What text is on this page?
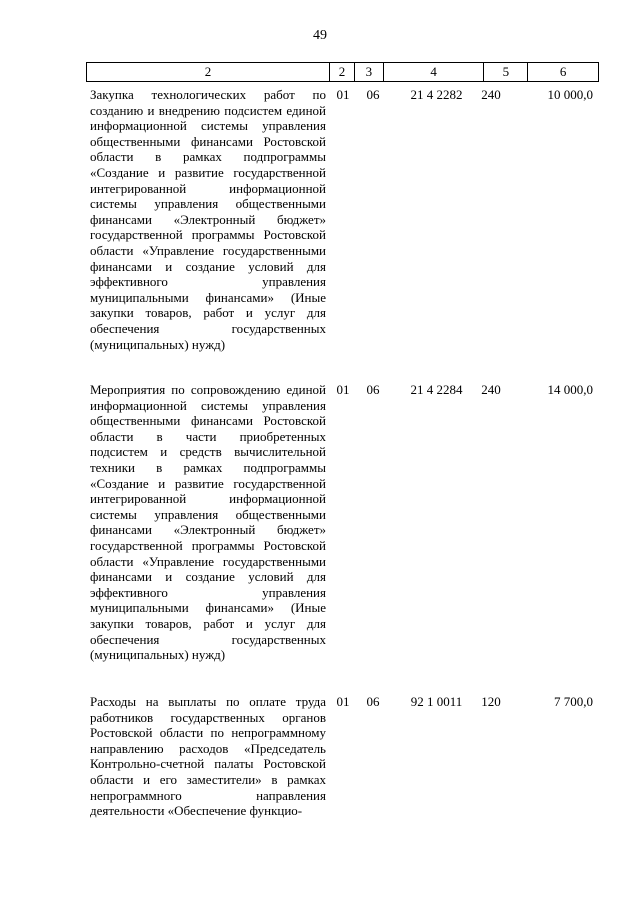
49
2	2	3	4	5	6
Закупка технологических работ по созданию и внедрению подсистем единой информационной системы управления общественными финансами Ростовской области в рамках подпрограммы «Создание и развитие государственной интегрированной информационной системы управления общественными финансами «Электронный бюджет» государственной программы Ростовской области «Управление государственными финансами и создание условий для эффективного управления муниципальными финансами» (Иные закупки товаров, работ и услуг для обеспечения государственных (муниципальных) нужд)
01	06	21 4 2282	240	10 000,0
Мероприятия по сопровождению единой информационной системы управления общественными финансами Ростовской области в части приобретенных подсистем и средств вычислительной техники в рамках подпрограммы «Создание и развитие государственной интегрированной информационной системы управления общественными финансами «Электронный бюджет» государственной программы Ростовской области «Управление государственными финансами и создание условий для эффективного управления муниципальными финансами» (Иные закупки товаров, работ и услуг для обеспечения государственных (муниципальных) нужд)
01	06	21 4 2284	240	14 000,0
Расходы на выплаты по оплате труда работников государственных органов Ростовской области по непрограммному направлению расходов «Председатель Контрольно-счетной палаты Ростовской области и его заместители» в рамках непрограммного направления деятельности «Обеспечение функцио-
01	06	92 1 0011	120	7 700,0
